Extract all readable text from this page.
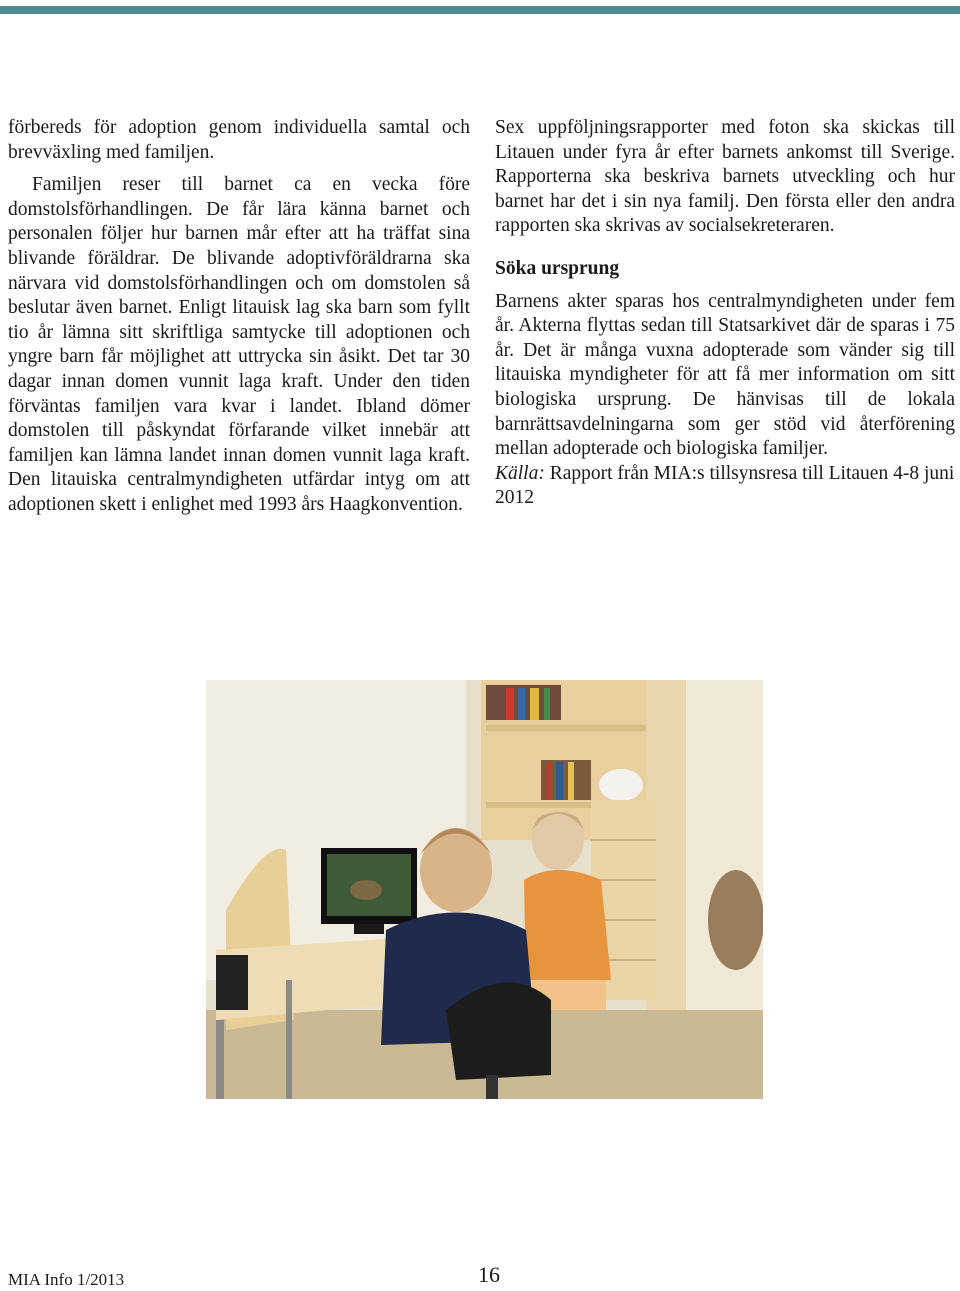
förbereds för adoption genom individuella samtal och brevväxling med familjen.

Familjen reser till barnet ca en vecka före domstolsförhandlingen. De får lära känna barnet och personalen följer hur barnen mår efter att ha träffat sina blivande föräldrar. De blivande adoptivföräldrarna ska närvara vid domstolsförhandlingen och om domstolen så beslutar även barnet. Enligt litauisk lag ska barn som fyllt tio år lämna sitt skriftliga samtycke till adoptionen och yngre barn får möjlighet att uttrycka sin åsikt. Det tar 30 dagar innan domen vunnit laga kraft. Under den tiden förväntas familjen vara kvar i landet. Ibland dömer domstolen till påskyndat förfarande vilket innebär att familjen kan lämna landet innan domen vunnit laga kraft. Den litauiska centralmyndigheten utfärdar intyg om att adoptionen skett i enlighet med 1993 års Haagkonvention.

Sex uppföljningsrapporter med foton ska skickas till Litauen under fyra år efter barnets ankomst till Sverige. Rapporterna ska beskriva barnets utveckling och hur barnet har det i sin nya familj. Den första eller den andra rapporten ska skrivas av socialsekreteraren.

Söka ursprung

Barnens akter sparas hos centralmyndigheten under fem år. Akterna flyttas sedan till Statsarkivet där de sparas i 75 år. Det är många vuxna adopterade som vänder sig till litauiska myndigheter för att få mer information om sitt biologiska ursprung. De hänvisas till de lokala barnrättsavdelningarna som ger stöd vid återförening mellan adopterade och biologiska familjer.

Källa: Rapport från MIA:s tillsynsresa till Litauen 4-8 juni 2012

MIA Info 1/2013	16
